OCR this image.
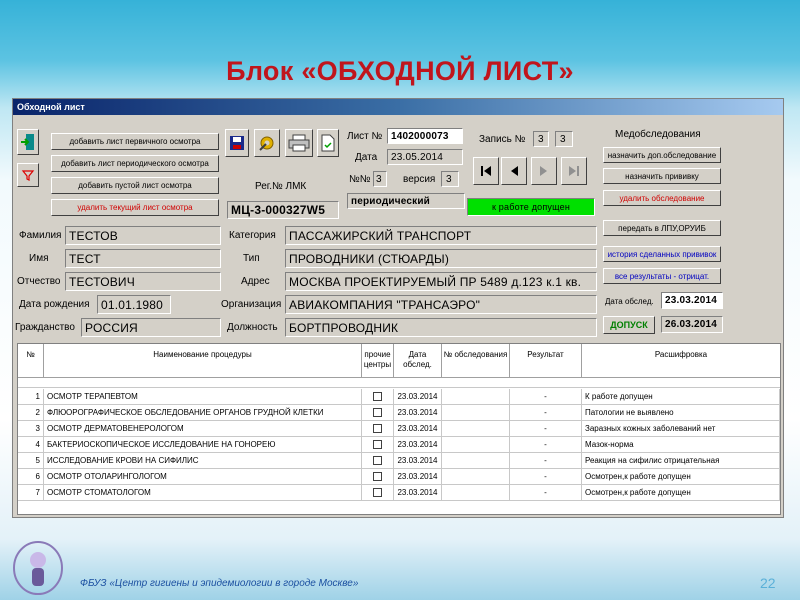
Блок «ОБХОДНОЙ ЛИСТ»
Обходной лист
добавить лист первичного осмотра
добавить лист периодического осмотра
добавить пустой лист осмотра
удалить текущий лист осмотра
Рег.№ ЛМК
МЦ-3-000327W5
Лист № 1402000073
Дата	23.05.2014
№№ 3	версия	3
периодический
Запись №	3	3
к работе допущен
Медобследования
назначить доп.обследование
назначить прививку
удалить обследование
передать в ЛПУ,ОРУИБ
история сделанных прививок
все результаты - отрицат.
Дата обслед.	23.03.2014
ДОПУСК	26.03.2014
Фамилия ТЕСТОВ
Имя	ТЕСТ
Отчество ТЕСТОВИЧ
Дата рождения 01.01.1980
Гражданство РОССИЯ
Категория	ПАССАЖИРСКИЙ ТРАНСПОРТ
Тип	ПРОВОДНИКИ (СТЮАРДЫ)
Адрес	МОСКВА ПРОЕКТИРУЕМЫЙ ПР 5489 д.123 к.1 кв.
Организация АВИАКОМПАНИЯ "ТРАНСАЭРО"
Должность БОРТПРОВОДНИК
№	Наименование процедуры	прочие центры
Дата обслед.
№ обследования	Результат	Расшифровка
1 ОСМОТР ТЕРАПЕВТОМ	23.03.2014	-	К работе допущен
2 ФЛЮОРОГРАФИЧЕСКОЕ ОБСЛЕДОВАНИЕ ОРГАНОВ ГРУДНОЙ КЛЕТКИ	23.03.2014	-	Патологии не выявлено
3 ОСМОТР ДЕРМАТОВЕНЕРОЛОГОМ	23.03.2014	-	Заразных кожных заболеваний нет
4 БАКТЕРИОСКОПИЧЕСКОЕ ИССЛЕДОВАНИЕ НА ГОНОРЕЮ	23.03.2014	-	Мазок-норма
5 ИССЛЕДОВАНИЕ КРОВИ НА СИФИЛИС	23.03.2014	-	Реакция на сифилис отрицательная
6 ОСМОТР ОТОЛАРИНГОЛОГОМ	23.03.2014	-	Осмотрен,к работе допущен
7 ОСМОТР СТОМАТОЛОГОМ	23.03.2014	-	Осмотрен,к работе допущен
ФБУЗ «Центр гигиены и эпидемиологии в городе Москве»	22
